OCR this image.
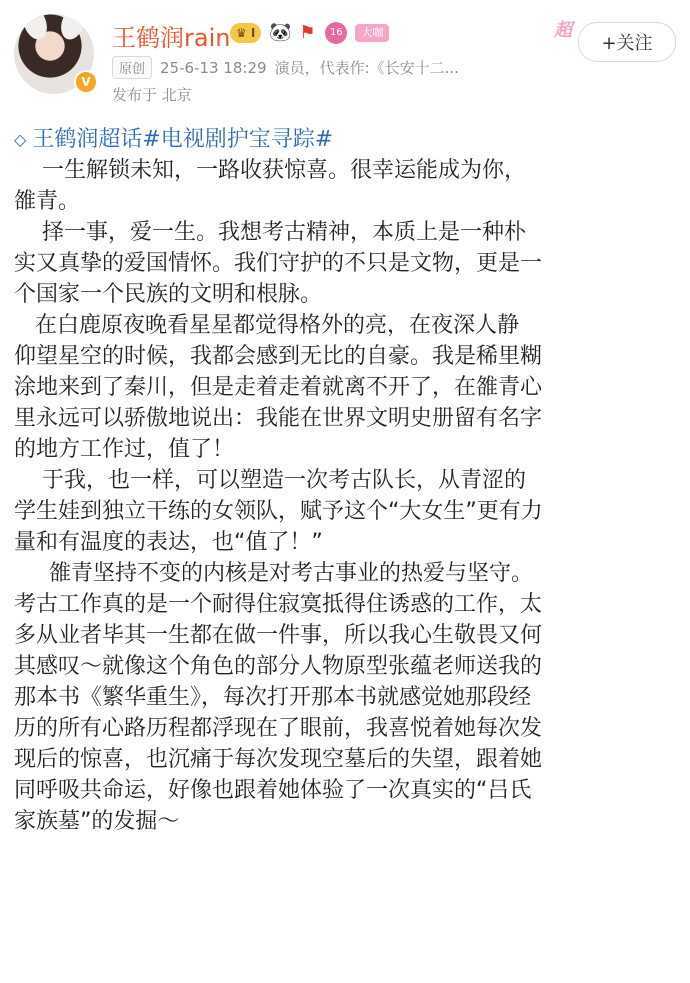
V
王鹤润rain ♛ I 🐼 ⚑	16	大咖	超
+关注
原创	25-6-13 18:29 演员，代表作:《长安十二...
发布于 北京
◇ 王鹤润超话#电视剧护宝寻踪#

一生解锁未知，一路收获惊喜。很幸运能成为你，
雒青。

择一事，爱一生。我想考古精神，本质上是一种朴
实又真挚的爱国情怀。我们守护的不只是文物，更是一
个国家一个民族的文明和根脉。

在白鹿原夜晚看星星都觉得格外的亮，在夜深人静
仰望星空的时候，我都会感到无比的自豪。我是稀里糊
涂地来到了秦川，但是走着走着就离不开了，在雒青心
里永远可以骄傲地说出：我能在世界文明史册留有名字
的地方工作过，值了！

于我，也一样，可以塑造一次考古队长，从青涩的
学生娃到独立干练的女领队，赋予这个“大女生”更有力
量和有温度的表达，也“值了！”

雒青坚持不变的内核是对考古事业的热爱与坚守。
考古工作真的是一个耐得住寂寞抵得住诱惑的工作，太
多从业者毕其一生都在做一件事，所以我心生敬畏又何
其感叹～就像这个角色的部分人物原型张蕴老师送我的
那本书《繁华重生》，每次打开那本书就感觉她那段经
历的所有心路历程都浮现在了眼前，我喜悦着她每次发
现后的惊喜，也沉痛于每次发现空墓后的失望，跟着她
同呼吸共命运，好像也跟着她体验了一次真实的“吕氏
家族墓”的发掘～
